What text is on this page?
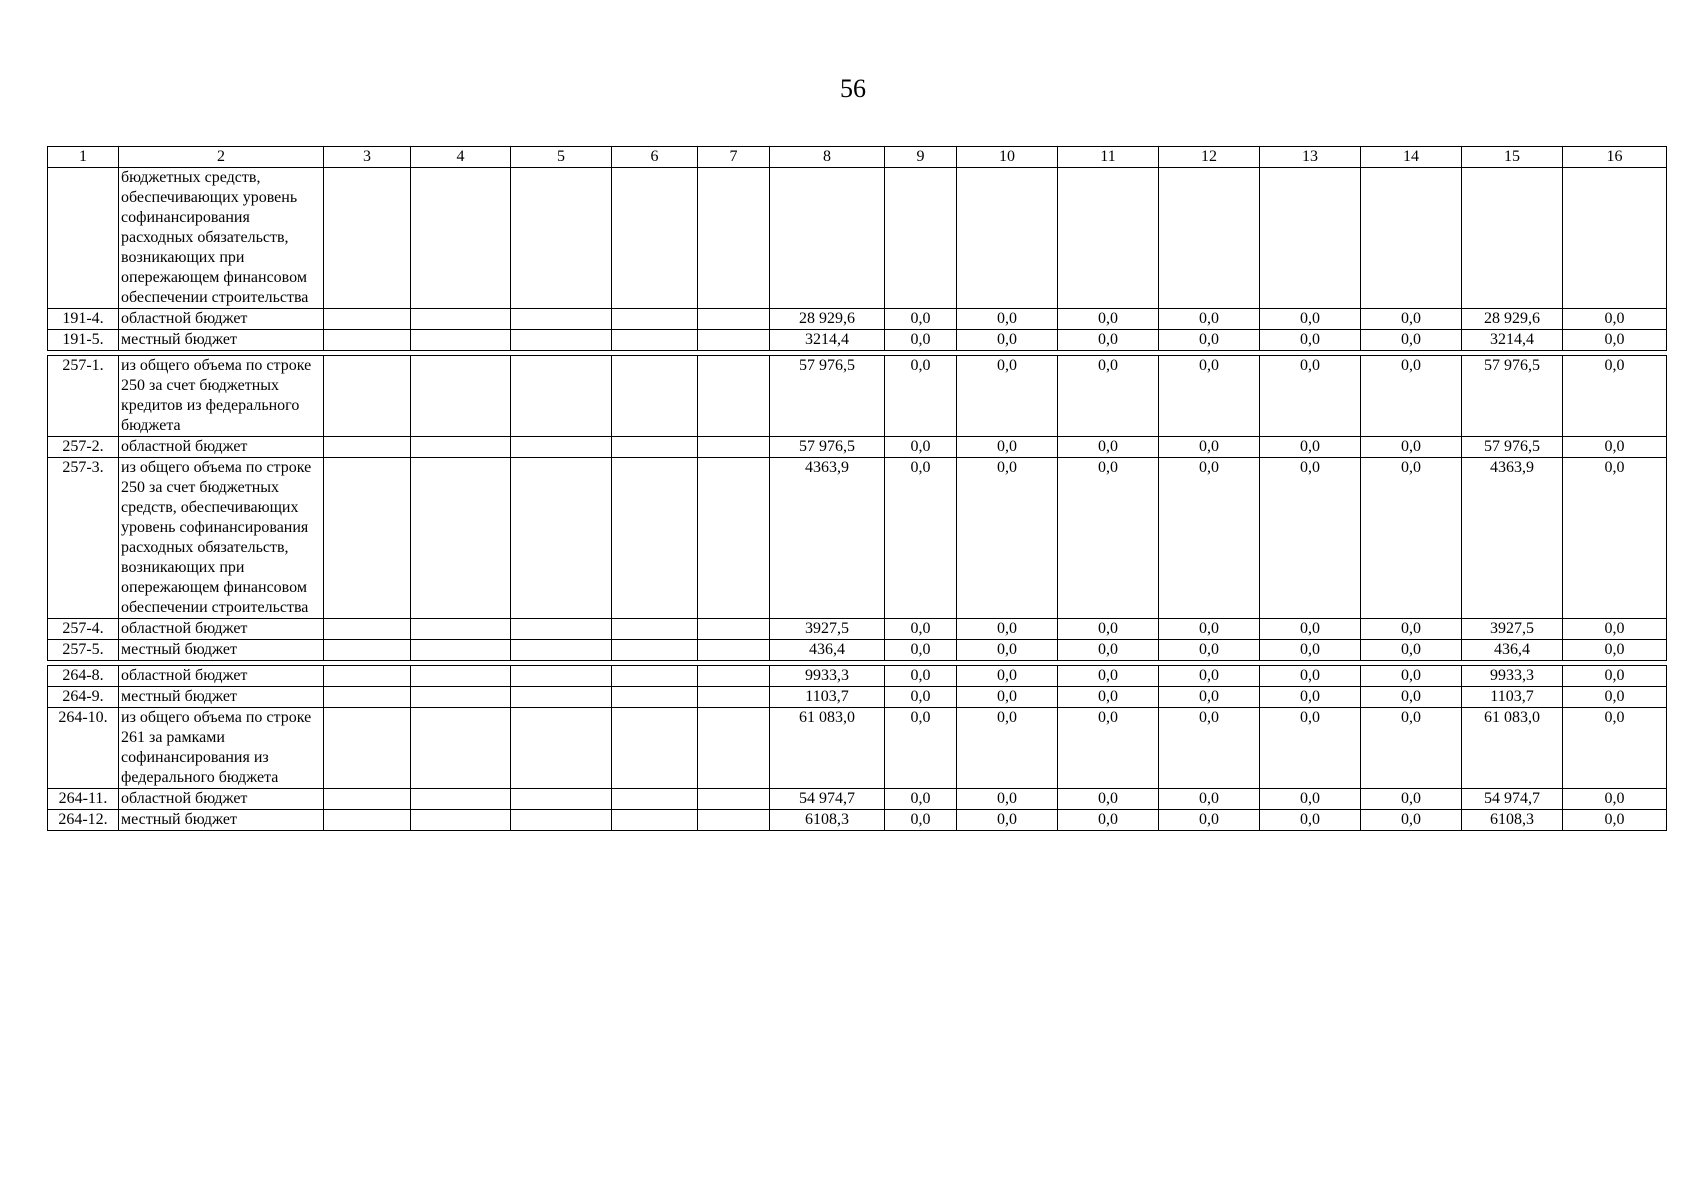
56
1	2	3	4	5	6	7	8	9	10	11	12	13	14	15	16
	бюджетных средств, обеспечивающих уровень софинансирования расходных обязательств, возникающих при опережающем финансовом обеспечении строительства														
191-4.	областной бюджет						28 929,6	0,0	0,0	0,0	0,0	0,0	0,0	28 929,6	0,0
191-5.	местный бюджет						3214,4	0,0	0,0	0,0	0,0	0,0	0,0	3214,4	0,0

257-1.	из общего объема по строке 250 за счет бюджетных кредитов из федерального бюджета						57 976,5	0,0	0,0	0,0	0,0	0,0	0,0	57 976,5	0,0
257-2.	областной бюджет						57 976,5	0,0	0,0	0,0	0,0	0,0	0,0	57 976,5	0,0
257-3.	из общего объема по строке 250 за счет бюджетных средств, обеспечивающих уровень софинансирования расходных обязательств, возникающих при опережающем финансовом обеспечении строительства						4363,9	0,0	0,0	0,0	0,0	0,0	0,0	4363,9	0,0
257-4.	областной бюджет						3927,5	0,0	0,0	0,0	0,0	0,0	0,0	3927,5	0,0
257-5.	местный бюджет						436,4	0,0	0,0	0,0	0,0	0,0	0,0	436,4	0,0

264-8.	областной бюджет						9933,3	0,0	0,0	0,0	0,0	0,0	0,0	9933,3	0,0
264-9.	местный бюджет						1103,7	0,0	0,0	0,0	0,0	0,0	0,0	1103,7	0,0
264-10.	из общего объема по строке 261 за рамками софинансирования из федерального бюджета						61 083,0	0,0	0,0	0,0	0,0	0,0	0,0	61 083,0	0,0
264-11.	областной бюджет						54 974,7	0,0	0,0	0,0	0,0	0,0	0,0	54 974,7	0,0
264-12.	местный бюджет						6108,3	0,0	0,0	0,0	0,0	0,0	0,0	6108,3	0,0
